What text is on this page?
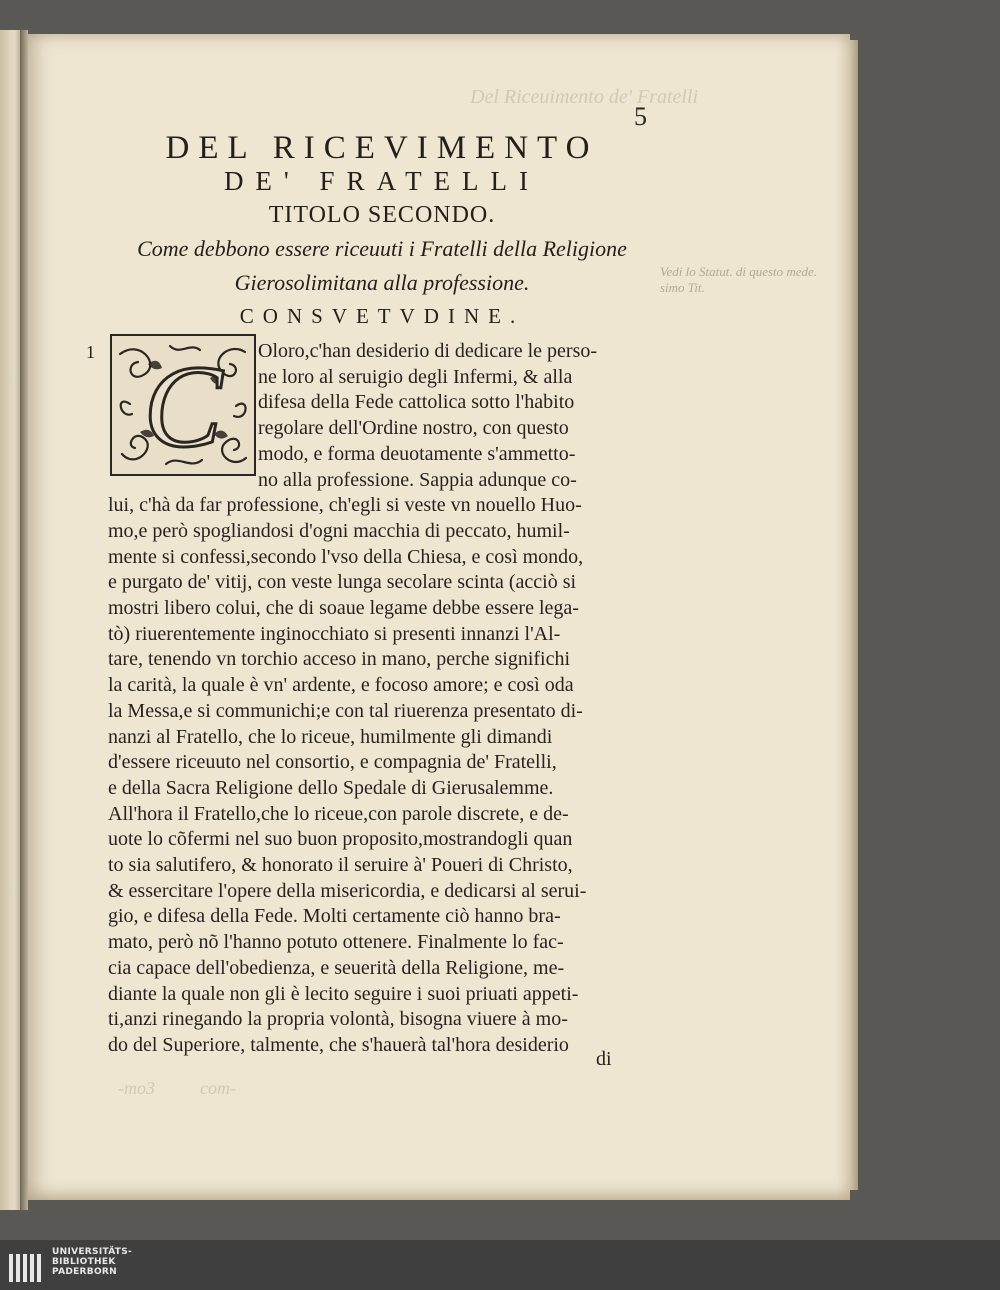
Del Riceuimento de' Fratelli
Vedi lo Statut. di questo mede. simo Tit.
-mo3          com-
5
DEL RICEVIMENTO
DE' FRATELLI
TITOLO SECONDO.
Come debbono essere riceuuti i Fratelli della Religione
Gierosolimitana alla professione.
CONSVETVDINE.
1 C Oloro,c'han desiderio di dedicare le perso-
ne loro al seruigio degli Infermi, & alla
difesa della Fede cattolica sotto l'habito
regolare dell'Ordine nostro, con questo
modo, e forma deuotamente s'ammetto-
no alla professione. Sappia adunque co-
lui, c'hà da far professione, ch'egli si veste vn nouello Huo-
mo,e però spogliandosi d'ogni macchia di peccato, humil-
mente si confessi,secondo l'vso della Chiesa, e così mondo,
e purgato de' vitij, con veste lunga secolare scinta (acciò si
mostri libero colui, che di soaue legame debbe essere lega-
tò) riuerentemente inginocchiato si presenti innanzi l'Al-
tare, tenendo vn torchio acceso in mano, perche significhi
la carità, la quale è vn' ardente, e focoso amore; e così oda
la Messa,e si communichi;e con tal riuerenza presentato di-
nanzi al Fratello, che lo riceue, humilmente gli dimandi
d'essere riceuuto nel consortio, e compagnia de' Fratelli,
e della Sacra Religione dello Spedale di Gierusalemme.
All'hora il Fratello,che lo riceue,con parole discrete, e de-
uote lo cõfermi nel suo buon proposito,mostrandogli quan
to sia salutifero, & honorato il seruire à' Poueri di Christo,
& essercitare l'opere della misericordia, e dedicarsi al serui-
gio, e difesa della Fede. Molti certamente ciò hanno bra-
mato, però nõ l'hanno potuto ottenere. Finalmente lo fac-
cia capace dell'obedienza, e seuerità della Religione, me-
diante la quale non gli è lecito seguire i suoi priuati appeti-
ti,anzi rinegando la propria volontà, bisogna viuere à mo-
do del Superiore, talmente, che s'hauerà tal'hora desiderio
di
UNIVERSITÄTS-
BIBLIOTHEK
PADERBORN
